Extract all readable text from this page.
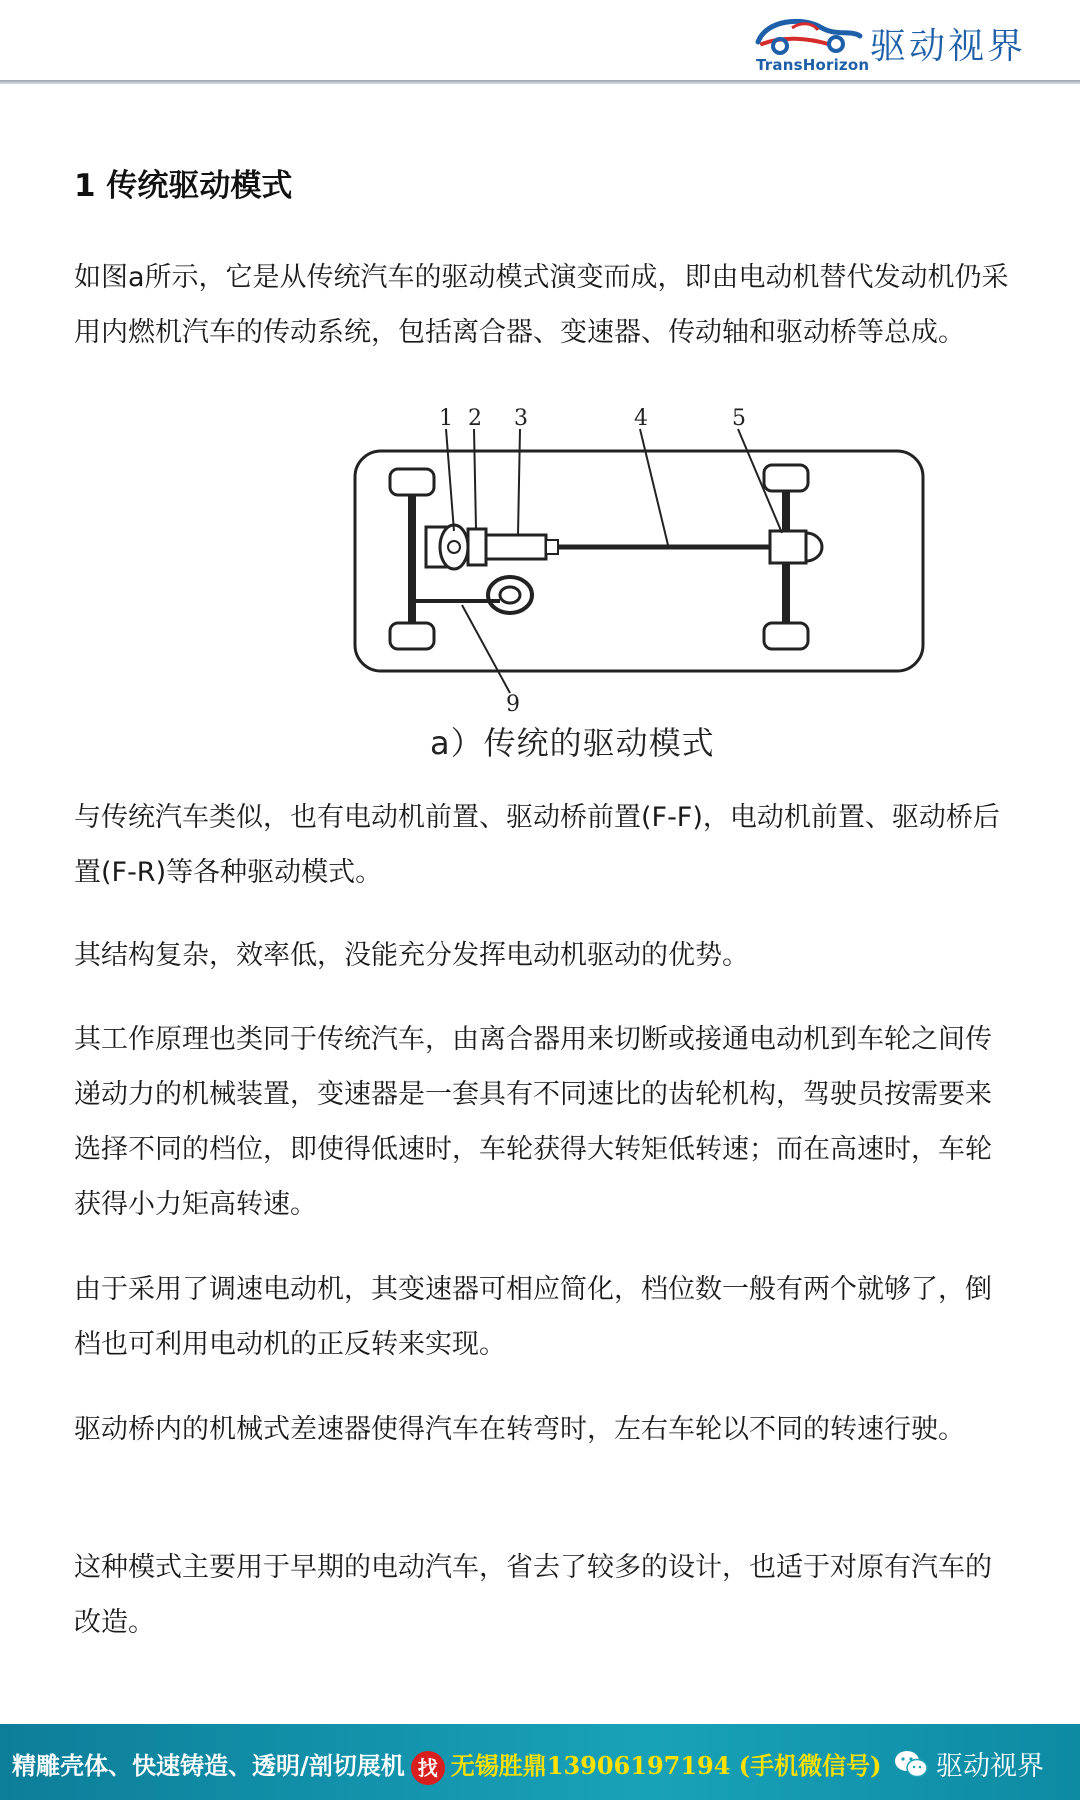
TransHorizon 驱动视界
1 传统驱动模式

如图a所示，它是从传统汽车的驱动模式演变而成，即由电动机替代发动机仍采用内燃机汽车的传动系统，包括离合器、变速器、传动轴和驱动桥等总成。

1 2 3	4	5
9
a）传统的驱动模式

与传统汽车类似，也有电动机前置、驱动桥前置(F-F)，电动机前置、驱动桥后置(F-R)等各种驱动模式。

其结构复杂，效率低，没能充分发挥电动机驱动的优势。

其工作原理也类同于传统汽车，由离合器用来切断或接通电动机到车轮之间传递动力的机械装置，变速器是一套具有不同速比的齿轮机构，驾驶员按需要来选择不同的档位，即使得低速时，车轮获得大转矩低转速；而在高速时，车轮获得小力矩高转速。

由于采用了调速电动机，其变速器可相应简化，档位数一般有两个就够了，倒档也可利用电动机的正反转来实现。

驱动桥内的机械式差速器使得汽车在转弯时，左右车轮以不同的转速行驶。

这种模式主要用于早期的电动汽车，省去了较多的设计，也适于对原有汽车的改造。

精雕壳体、快速铸造、透明/剖切展机 找 无锡胜鼎13906197194 (手机微信号) 驱动视界
